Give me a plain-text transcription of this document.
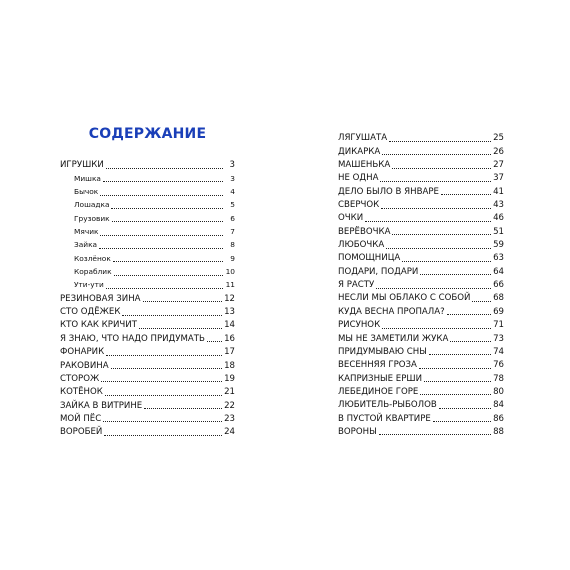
СОДЕРЖАНИЕ
ИГРУШКИ	3
Мишка	3
Бычок	4
Лошадка	5
Грузовик	6
Мячик	7
Зайка	8
Козлёнок	9
Кораблик	10
Ути-ути	11
РЕЗИНОВАЯ ЗИНА	12
СТО ОДЁЖЕК	13
КТО КАК КРИЧИТ	14
Я ЗНАЮ, ЧТО НАДО ПРИДУМАТЬ 16
ФОНАРИК	17
РАКОВИНА	18
СТОРОЖ	19
КОТЁНОК	21
ЗАЙКА В ВИТРИНЕ	22
МОЙ ПЁС	23
ВОРОБЕЙ	24
ЛЯГУШАТА	25
ДИКАРКА	26
МАШЕНЬКА	27
НЕ ОДНА	37
ДЕЛО БЫЛО В ЯНВАРЕ	41
СВЕРЧОК	43
ОЧКИ	46
ВЕРЁВОЧКА	51
ЛЮБОЧКА	59
ПОМОЩНИЦА	63
ПОДАРИ, ПОДАРИ	64
Я РАСТУ	66
НЕСЛИ МЫ ОБЛАКО С СОБОЙ	68
КУДА ВЕСНА ПРОПАЛА?	69
РИСУНОК	71
МЫ НЕ ЗАМЕТИЛИ ЖУКА	73
ПРИДУМЫВАЮ СНЫ	74
ВЕСЕННЯЯ ГРОЗА	76
КАПРИЗНЫЕ ЕРШИ	78
ЛЕБЕДИНОЕ ГОРЕ	80
ЛЮБИТЕЛЬ-РЫБОЛОВ	84
В ПУСТОЙ КВАРТИРЕ	86
ВОРОНЫ	88
